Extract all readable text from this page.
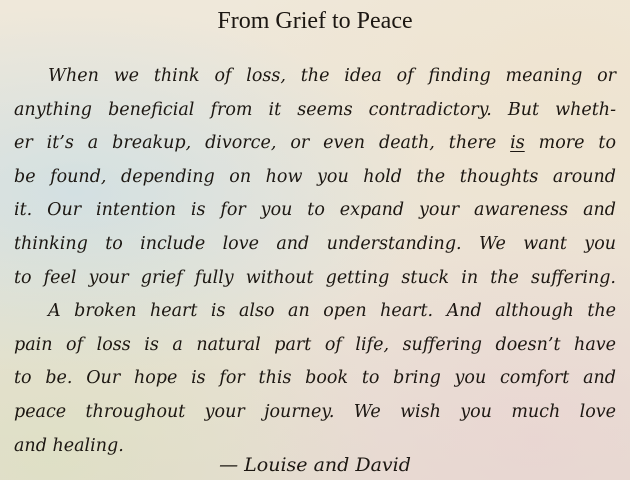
From Grief to Peace
When we think of loss, the idea of finding meaning or
anything beneficial from it seems contradictory. But wheth-
er it’s a breakup, divorce, or even death, there is more to
be found, depending on how you hold the thoughts around
it. Our intention is for you to expand your awareness and
thinking to include love and understanding. We want you
to feel your grief fully without getting stuck in the suffering.
A broken heart is also an open heart. And although the
pain of loss is a natural part of life, suffering doesn’t have
to be. Our hope is for this book to bring you comfort and
peace throughout your journey. We wish you much love
and healing.
— Louise and David
